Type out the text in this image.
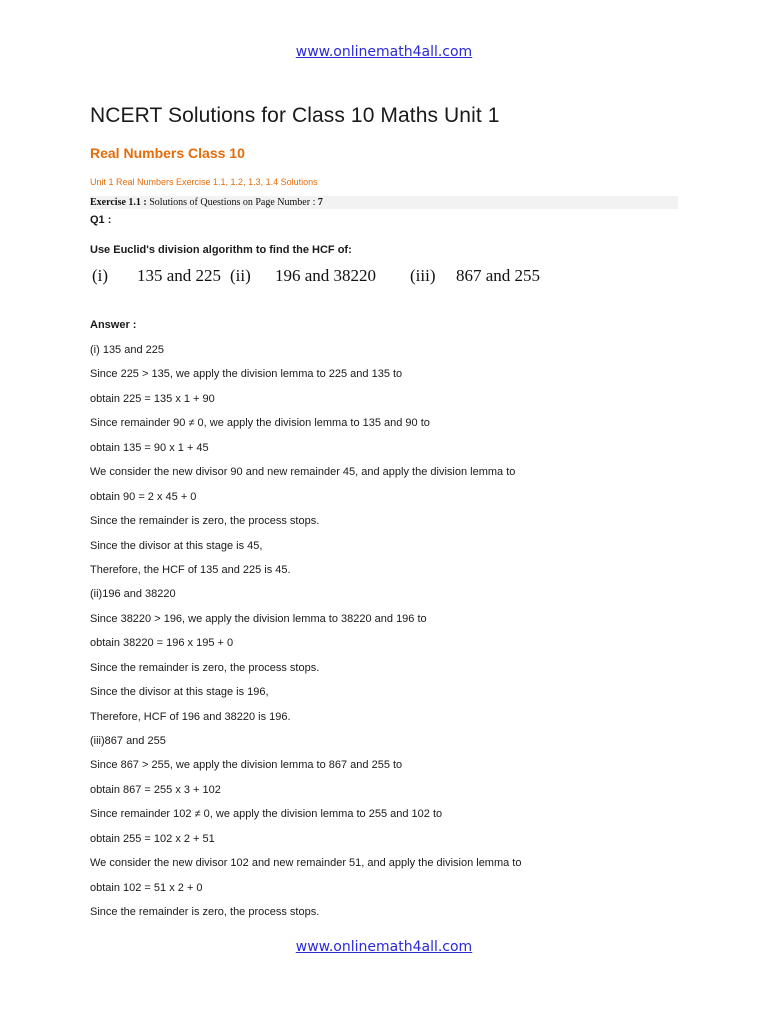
www.onlinemath4all.com
NCERT Solutions for Class 10 Maths Unit 1
Real Numbers Class 10
Unit 1 Real Numbers Exercise 1.1, 1.2, 1.3, 1.4 Solutions
Exercise 1.1 : Solutions of Questions on Page Number : 7
Q1 :
Use Euclid's division algorithm to find the HCF of:
(i) 135 and 225 (ii) 196 and 38220 (iii) 867 and 255
Answer :
(i) 135 and 225
Since 225 > 135, we apply the division lemma to 225 and 135 to
obtain 225 = 135 x 1 + 90
Since remainder 90 ≠ 0, we apply the division lemma to 135 and 90 to
obtain 135 = 90 x 1 + 45
We consider the new divisor 90 and new remainder 45, and apply the division lemma to
obtain 90 = 2 x 45 + 0
Since the remainder is zero, the process stops.
Since the divisor at this stage is 45,
Therefore, the HCF of 135 and 225 is 45.
(ii)196 and 38220
Since 38220 > 196, we apply the division lemma to 38220 and 196 to
obtain 38220 = 196 x 195 + 0
Since the remainder is zero, the process stops.
Since the divisor at this stage is 196,
Therefore, HCF of 196 and 38220 is 196.
(iii)867 and 255
Since 867 > 255, we apply the division lemma to 867 and 255 to
obtain 867 = 255 x 3 + 102
Since remainder 102 ≠ 0, we apply the division lemma to 255 and 102 to
obtain 255 = 102 x 2 + 51
We consider the new divisor 102 and new remainder 51, and apply the division lemma to
obtain 102 = 51 x 2 + 0
Since the remainder is zero, the process stops.
www.onlinemath4all.com
